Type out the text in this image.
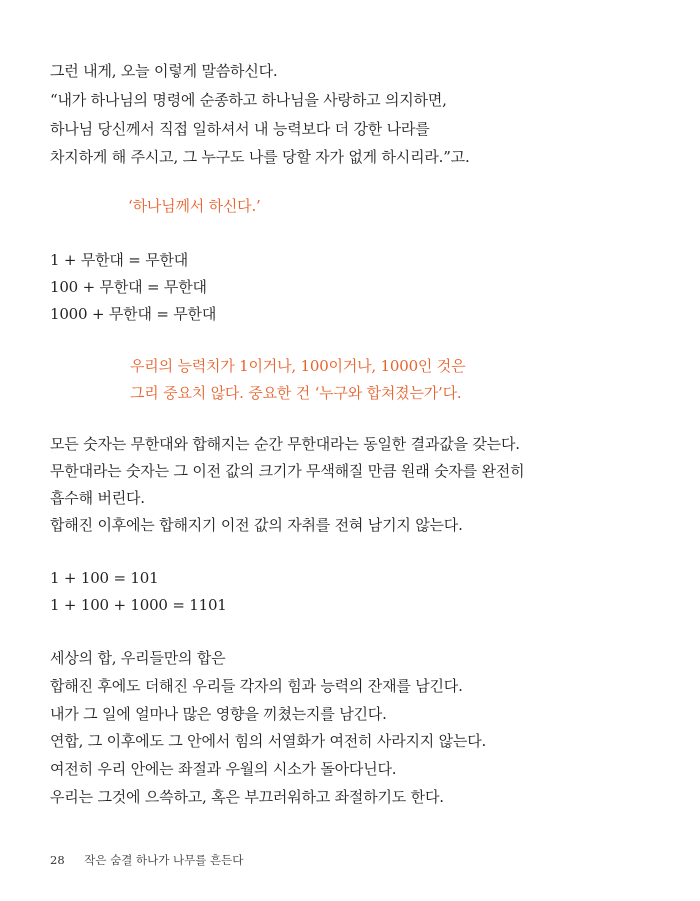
그런 내게, 오늘 이렇게 말씀하신다.

“내가 하나님의 명령에 순종하고 하나님을 사랑하고 의지하면,

하나님 당신께서 직접 일하셔서 내 능력보다 더 강한 나라를

차지하게 해 주시고, 그 누구도 나를 당할 자가 없게 하시리라.”고.

‘하나님께서 하신다.’

1 + 무한대 = 무한대

100 + 무한대 = 무한대

1000 + 무한대 = 무한대

우리의 능력치가 1이거나, 100이거나, 1000인 것은

그리 중요치 않다. 중요한 건 ‘누구와 합쳐졌는가’다.

모든 숫자는 무한대와 합해지는 순간 무한대라는 동일한 결과값을 갖는다.

무한대라는 숫자는 그 이전 값의 크기가 무색해질 만큼 원래 숫자를 완전히

흡수해 버린다.

합해진 이후에는 합해지기 이전 값의 자취를 전혀 남기지 않는다.

1 + 100 = 101

1 + 100 + 1000 = 1101

세상의 합, 우리들만의 합은

합해진 후에도 더해진 우리들 각자의 힘과 능력의 잔재를 남긴다.

내가 그 일에 얼마나 많은 영향을 끼쳤는지를 남긴다.

연합, 그 이후에도 그 안에서 힘의 서열화가 여전히 사라지지 않는다.

여전히 우리 안에는 좌절과 우월의 시소가 돌아다닌다.

우리는 그것에 으쓱하고, 혹은 부끄러워하고 좌절하기도 한다.

28 작은 숨결 하나가 나무를 흔든다
